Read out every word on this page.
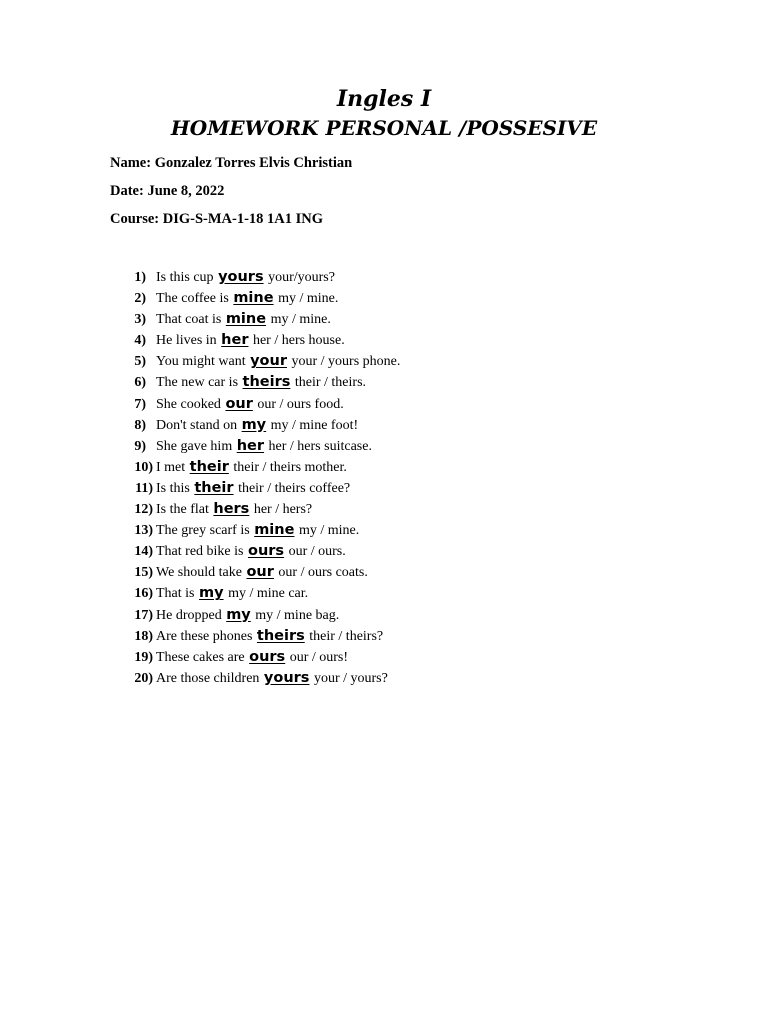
Ingles I
HOMEWORK PERSONAL /POSSESIVE
Name: Gonzalez Torres Elvis Christian
Date: June 8, 2022
Course: DIG-S-MA-1-18 1A1 ING
1) Is this cup yours your/yours?
2) The coffee is mine my / mine.
3) That coat is mine my / mine.
4) He lives in her her / hers house.
5) You might want your your / yours phone.
6) The new car is theirs their / theirs.
7) She cooked our our / ours food.
8) Don't stand on my my / mine foot!
9) She gave him her her / hers suitcase.
10) I met their their / theirs mother.
11) Is this their their / theirs coffee?
12) Is the flat hers her / hers?
13) The grey scarf is mine my / mine.
14) That red bike is ours our / ours.
15) We should take our our / ours coats.
16) That is my my / mine car.
17) He dropped my my / mine bag.
18) Are these phones theirs their / theirs?
19) These cakes are ours our / ours!
20) Are those children yours your / yours?
